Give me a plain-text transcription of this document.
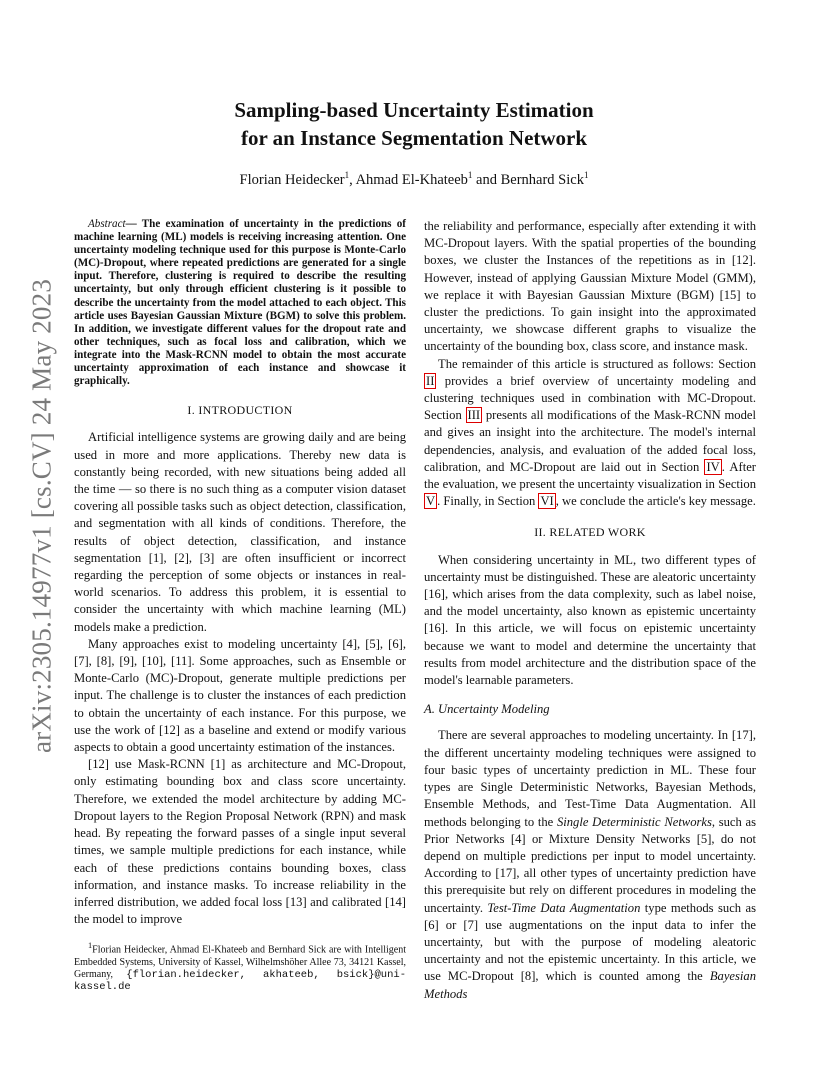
arXiv:2305.14977v1 [cs.CV] 24 May 2023
Sampling-based Uncertainty Estimation
for an Instance Segmentation Network
Florian Heidecker$^1$, Ahmad El-Khateeb$^1$ and Bernhard Sick$^1$
Abstract— The examination of uncertainty in the predictions of machine learning (ML) models is receiving increasing attention. One uncertainty modeling technique used for this purpose is Monte-Carlo (MC)-Dropout, where repeated predictions are generated for a single input. Therefore, clustering is required to describe the resulting uncertainty, but only through efficient clustering is it possible to describe the uncertainty from the model attached to each object. This article uses Bayesian Gaussian Mixture (BGM) to solve this problem. In addition, we investigate different values for the dropout rate and other techniques, such as focal loss and calibration, which we integrate into the Mask-RCNN model to obtain the most accurate uncertainty approximation of each instance and showcase it graphically.
I. INTRODUCTION

Artificial intelligence systems are growing daily and are being used in more and more applications. Thereby new data is constantly being recorded, with new situations being added all the time — so there is no such thing as a computer vision dataset covering all possible tasks such as object detection, classification, and segmentation with all kinds of conditions. Therefore, the results of object detection, classification, and instance segmentation [1], [2], [3] are often insufficient or incorrect regarding the perception of some objects or instances in real-world scenarios. To address this problem, it is essential to consider the uncertainty with which machine learning (ML) models make a prediction.

Many approaches exist to modeling uncertainty [4], [5], [6], [7], [8], [9], [10], [11]. Some approaches, such as Ensemble or Monte-Carlo (MC)-Dropout, generate multiple predictions per input. The challenge is to cluster the instances of each prediction to obtain the uncertainty of each instance. For this purpose, we use the work of [12] as a baseline and extend or modify various aspects to obtain a good uncertainty estimation of the instances.

[12] use Mask-RCNN [1] as architecture and MC-Dropout, only estimating bounding box and class score uncertainty. Therefore, we extended the model architecture by adding MC-Dropout layers to the Region Proposal Network (RPN) and mask head. By repeating the forward passes of a single input several times, we sample multiple predictions for each instance, while each of these predictions contains bounding boxes, class information, and instance masks. To increase reliability in the inferred distribution, we added focal loss [13] and calibrated [14] the model to improve

$^1$Florian Heidecker, Ahmad El-Khateeb and Bernhard Sick are with Intelligent Embedded Systems, University of Kassel, Wilhelmshöher Allee 73, 34121 Kassel, Germany, {florian.heidecker, akhateeb, bsick}@uni-kassel.de

the reliability and performance, especially after extending it with MC-Dropout layers. With the spatial properties of the bounding boxes, we cluster the Instances of the repetitions as in [12]. However, instead of applying Gaussian Mixture Model (GMM), we replace it with Bayesian Gaussian Mixture (BGM) [15] to cluster the predictions. To gain insight into the approximated uncertainty, we showcase different graphs to visualize the uncertainty of the bounding box, class score, and instance mask.

The remainder of this article is structured as follows: Section II provides a brief overview of uncertainty modeling and clustering techniques used in combination with MC-Dropout. Section III presents all modifications of the Mask-RCNN model and gives an insight into the architecture. The model's internal dependencies, analysis, and evaluation of the added focal loss, calibration, and MC-Dropout are laid out in Section IV . After the evaluation, we present the uncertainty visualization in Section V . Finally, in Section VI , we conclude the article's key message.

II. RELATED WORK

When considering uncertainty in ML, two different types of uncertainty must be distinguished. These are aleatoric uncertainty [16], which arises from the data complexity, such as label noise, and the model uncertainty, also known as epistemic uncertainty [16]. In this article, we will focus on epistemic uncertainty because we want to model and determine the uncertainty that results from model architecture and the distribution space of the model's learnable parameters.

A. Uncertainty Modeling

There are several approaches to modeling uncertainty. In [17], the different uncertainty modeling techniques were assigned to four basic types of uncertainty prediction in ML. These four types are Single Deterministic Networks, Bayesian Methods, Ensemble Methods, and Test-Time Data Augmentation. All methods belonging to the Single Deterministic Networks, such as Prior Networks [4] or Mixture Density Networks [5], do not depend on multiple predictions per input to model uncertainty. According to [17], all other types of uncertainty prediction have this prerequisite but rely on different procedures in modeling the uncertainty. Test-Time Data Augmentation type methods such as [6] or [7] use augmentations on the input data to infer the uncertainty, but with the purpose of modeling aleatoric uncertainty and not the epistemic uncertainty. In this article, we use MC-Dropout [8], which is counted among the Bayesian Methods
